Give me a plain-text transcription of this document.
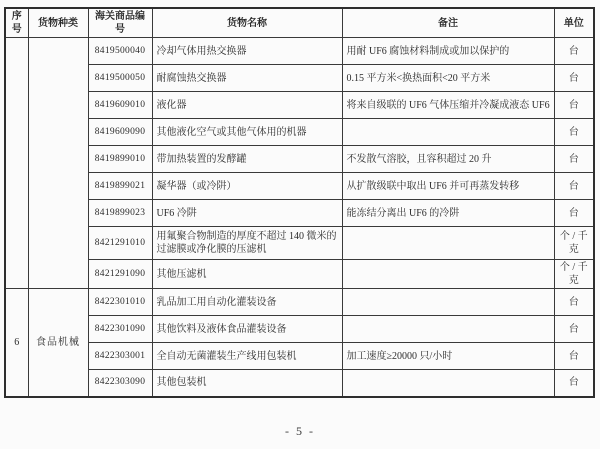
序号	货物种类	海关商品编号	货物名称	备注	单位
		8419500040	冷却气体用热交换器	用耐 UF6 腐蚀材料制成或加以保护的	台
		8419500050	耐腐蚀热交换器	0.15 平方米<换热面积<20 平方米	台
		8419609010	液化器	将来自级联的 UF6 气体压缩并冷凝成液态 UF6	台
		8419609090	其他液化空气或其他气体用的机器		台
		8419899010	带加热装置的发酵罐	不发散气溶胶，且容积超过 20 升	台
		8419899021	凝华器（或冷阱）	从扩散级联中取出 UF6 并可再蒸发转移	台
		8419899023	UF6 冷阱	能冻结分离出 UF6 的冷阱	台
		8421291010	用氟聚合物制造的厚度不超过 140 微米的过滤膜或净化膜的压滤机		个 / 千克
		8421291090	其他压滤机		个 / 千克
6	食品机械	8422301010	乳品加工用自动化灌装设备		台
		8422301090	其他饮料及液体食品灌装设备		台
		8422303001	全自动无菌灌装生产线用包装机	加工速度≥20000 只/小时	台
		8422303090	其他包装机		台
- 5 -
